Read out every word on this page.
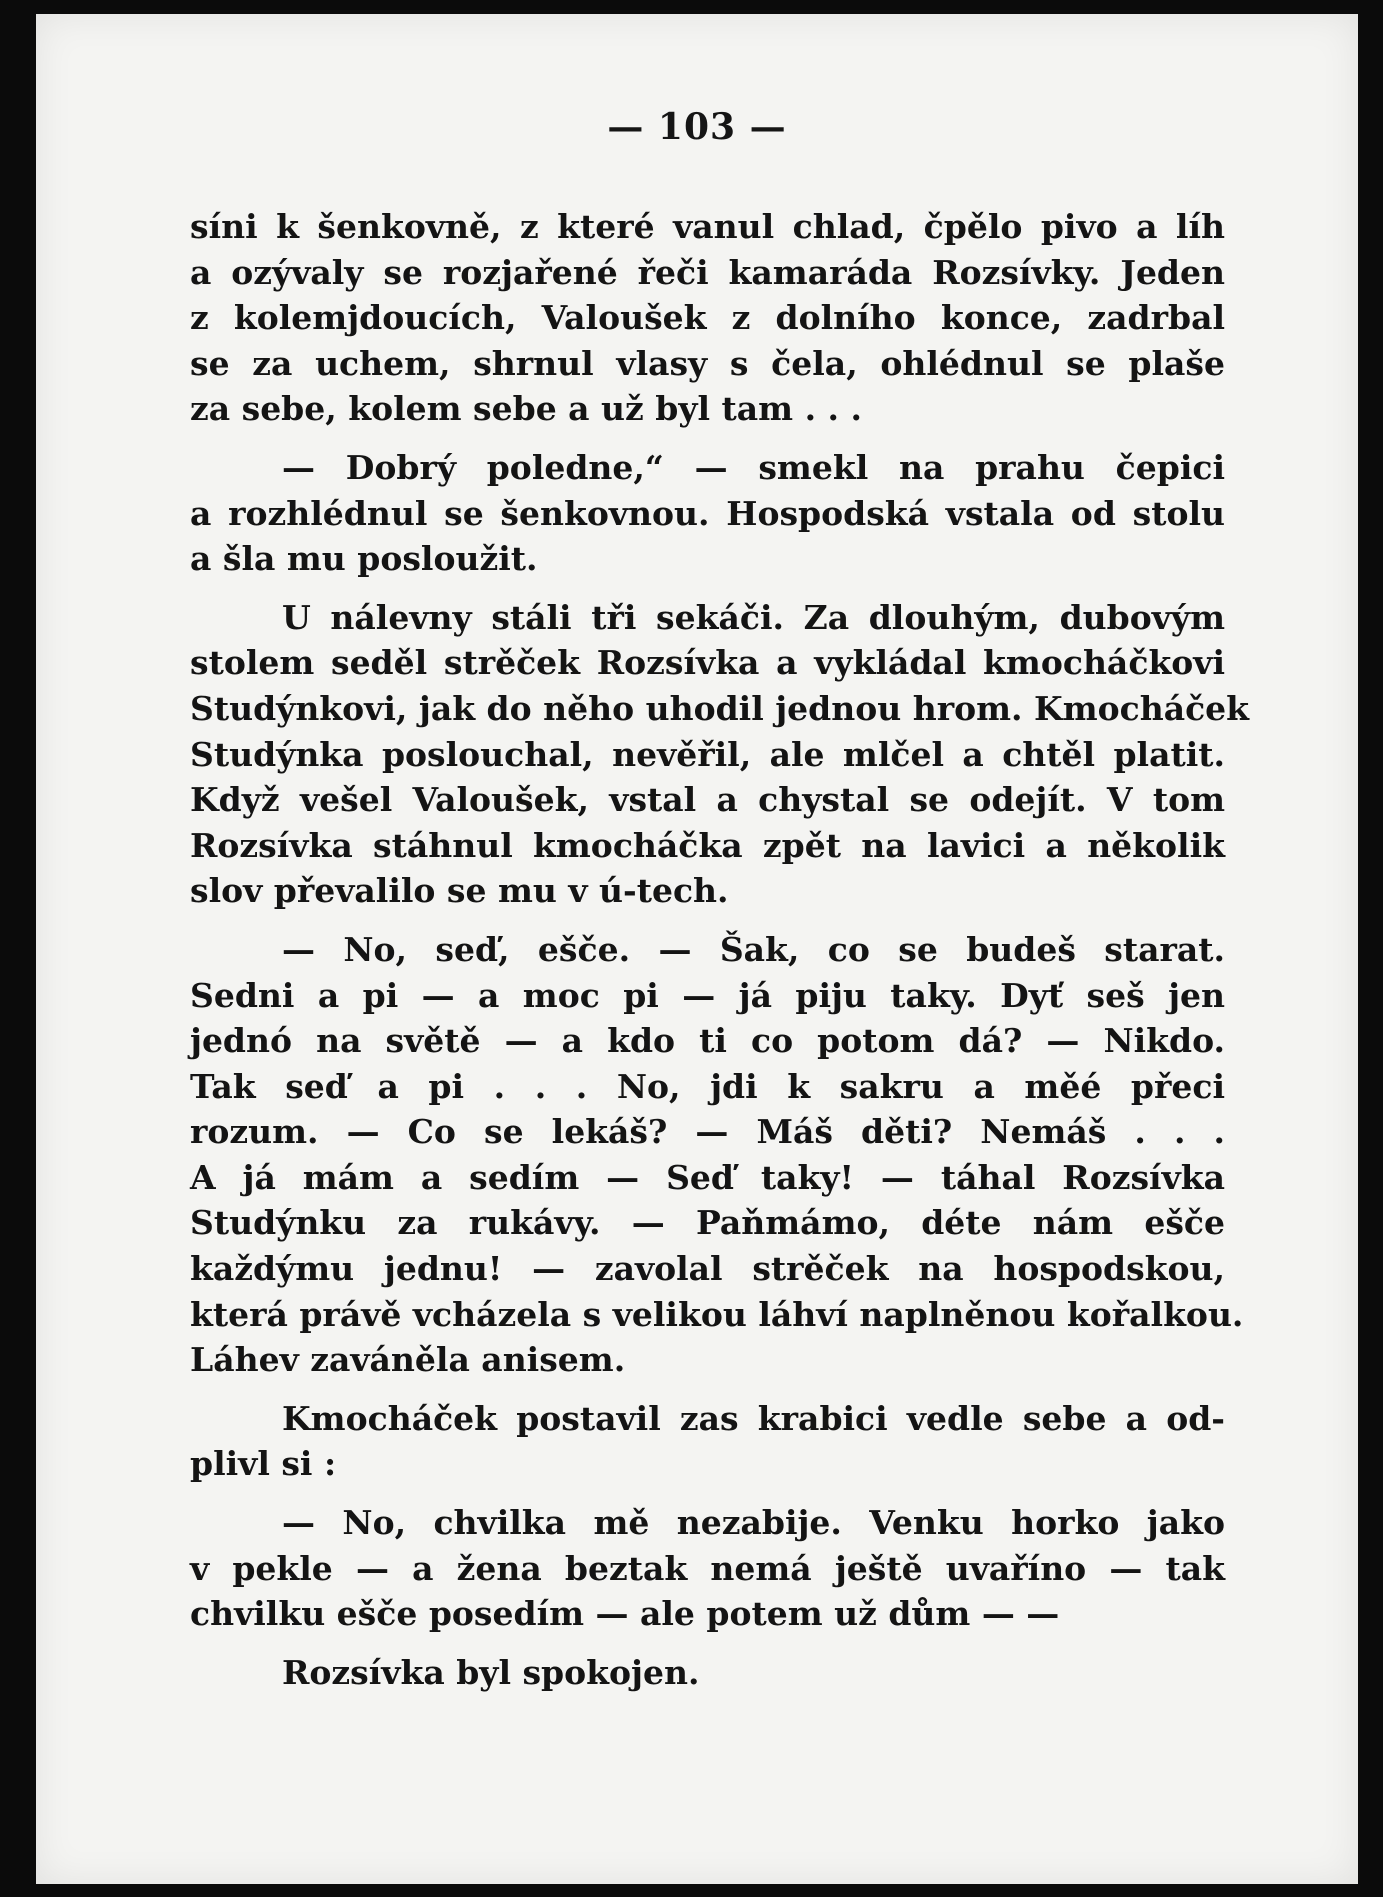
— 103 —
síni k šenkovně, z které vanul chlad, čpělo pivo a líh
a ozývaly se rozjařené řeči kamaráda Rozsívky. Jeden
z kolemjdoucích, Valoušek z dolního konce, zadrbal
se za uchem, shrnul vlasy s čela, ohlédnul se plaše
za sebe, kolem sebe a už byl tam . . .
— Dobrý poledne,“ — smekl na prahu čepici
a rozhlédnul se šenkovnou. Hospodská vstala od stolu
a šla mu posloužit.
U nálevny stáli tři sekáči. Za dlouhým, dubovým
stolem seděl strěček Rozsívka a vykládal kmocháčkovi
Studýnkovi, jak do něho uhodil jednou hrom. Kmocháček
Studýnka poslouchal, nevěřil, ale mlčel a chtěl platit.
Když vešel Valoušek, vstal a chystal se odejít. V tom
Rozsívka stáhnul kmocháčka zpět na lavici a několik
slov převalilo se mu v ú-tech.
— No, seď, ešče. — Šak, co se budeš starat.
Sedni a pi — a moc pi — já piju taky. Dyť seš jen
jednó na světě — a kdo ti co potom dá? — Nikdo.
Tak seď a pi . . . No, jdi k sakru a měé přeci
rozum. — Co se lekáš? — Máš děti? Nemáš . . .
A já mám a sedím — Seď taky! — táhal Rozsívka
Studýnku za rukávy. — Paňmámo, déte nám ešče
každýmu jednu! — zavolal strěček na hospodskou,
která právě vcházela s velikou láhví naplněnou kořalkou.
Láhev zaváněla anisem.
Kmocháček postavil zas krabici vedle sebe a od-
plivl si :
— No, chvilka mě nezabije. Venku horko jako
v pekle — a žena beztak nemá ještě uvaříno — tak
chvilku ešče posedím — ale potem už dům — —
Rozsívka byl spokojen.
